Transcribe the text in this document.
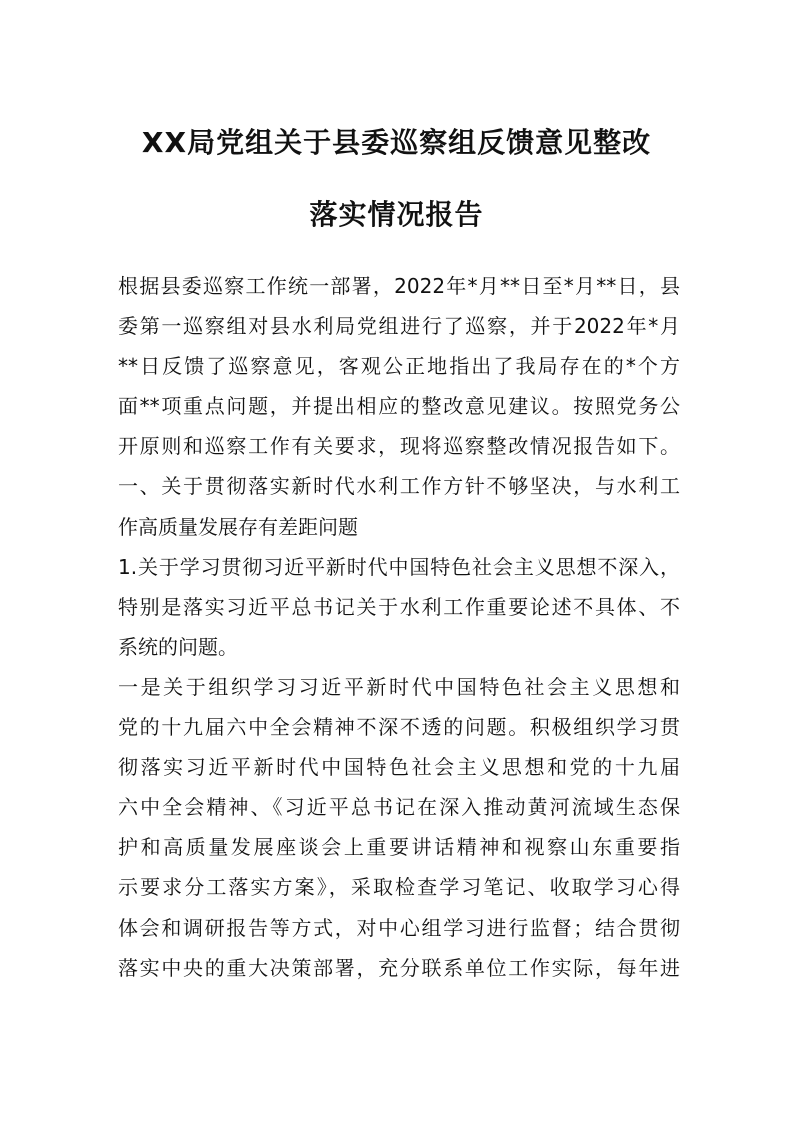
XX局党组关于县委巡察组反馈意见整改
落实情况报告
根据县委巡察工作统一部署，2022年*月**日至*月**日，县
委第一巡察组对县水利局党组进行了巡察，并于2022年*月
**日反馈了巡察意见，客观公正地指出了我局存在的*个方
面**项重点问题，并提出相应的整改意见建议。按照党务公
开原则和巡察工作有关要求，现将巡察整改情况报告如下。
一、关于贯彻落实新时代水利工作方针不够坚决，与水利工
作高质量发展存有差距问题
1.关于学习贯彻习近平新时代中国特色社会主义思想不深入，
特别是落实习近平总书记关于水利工作重要论述不具体、不
系统的问题。
一是关于组织学习习近平新时代中国特色社会主义思想和
党的十九届六中全会精神不深不透的问题。积极组织学习贯
彻落实习近平新时代中国特色社会主义思想和党的十九届
六中全会精神、《习近平总书记在深入推动黄河流域生态保
护和高质量发展座谈会上重要讲话精神和视察山东重要指
示要求分工落实方案》，采取检查学习笔记、收取学习心得
体会和调研报告等方式，对中心组学习进行监督；结合贯彻
落实中央的重大决策部署，充分联系单位工作实际，每年进
